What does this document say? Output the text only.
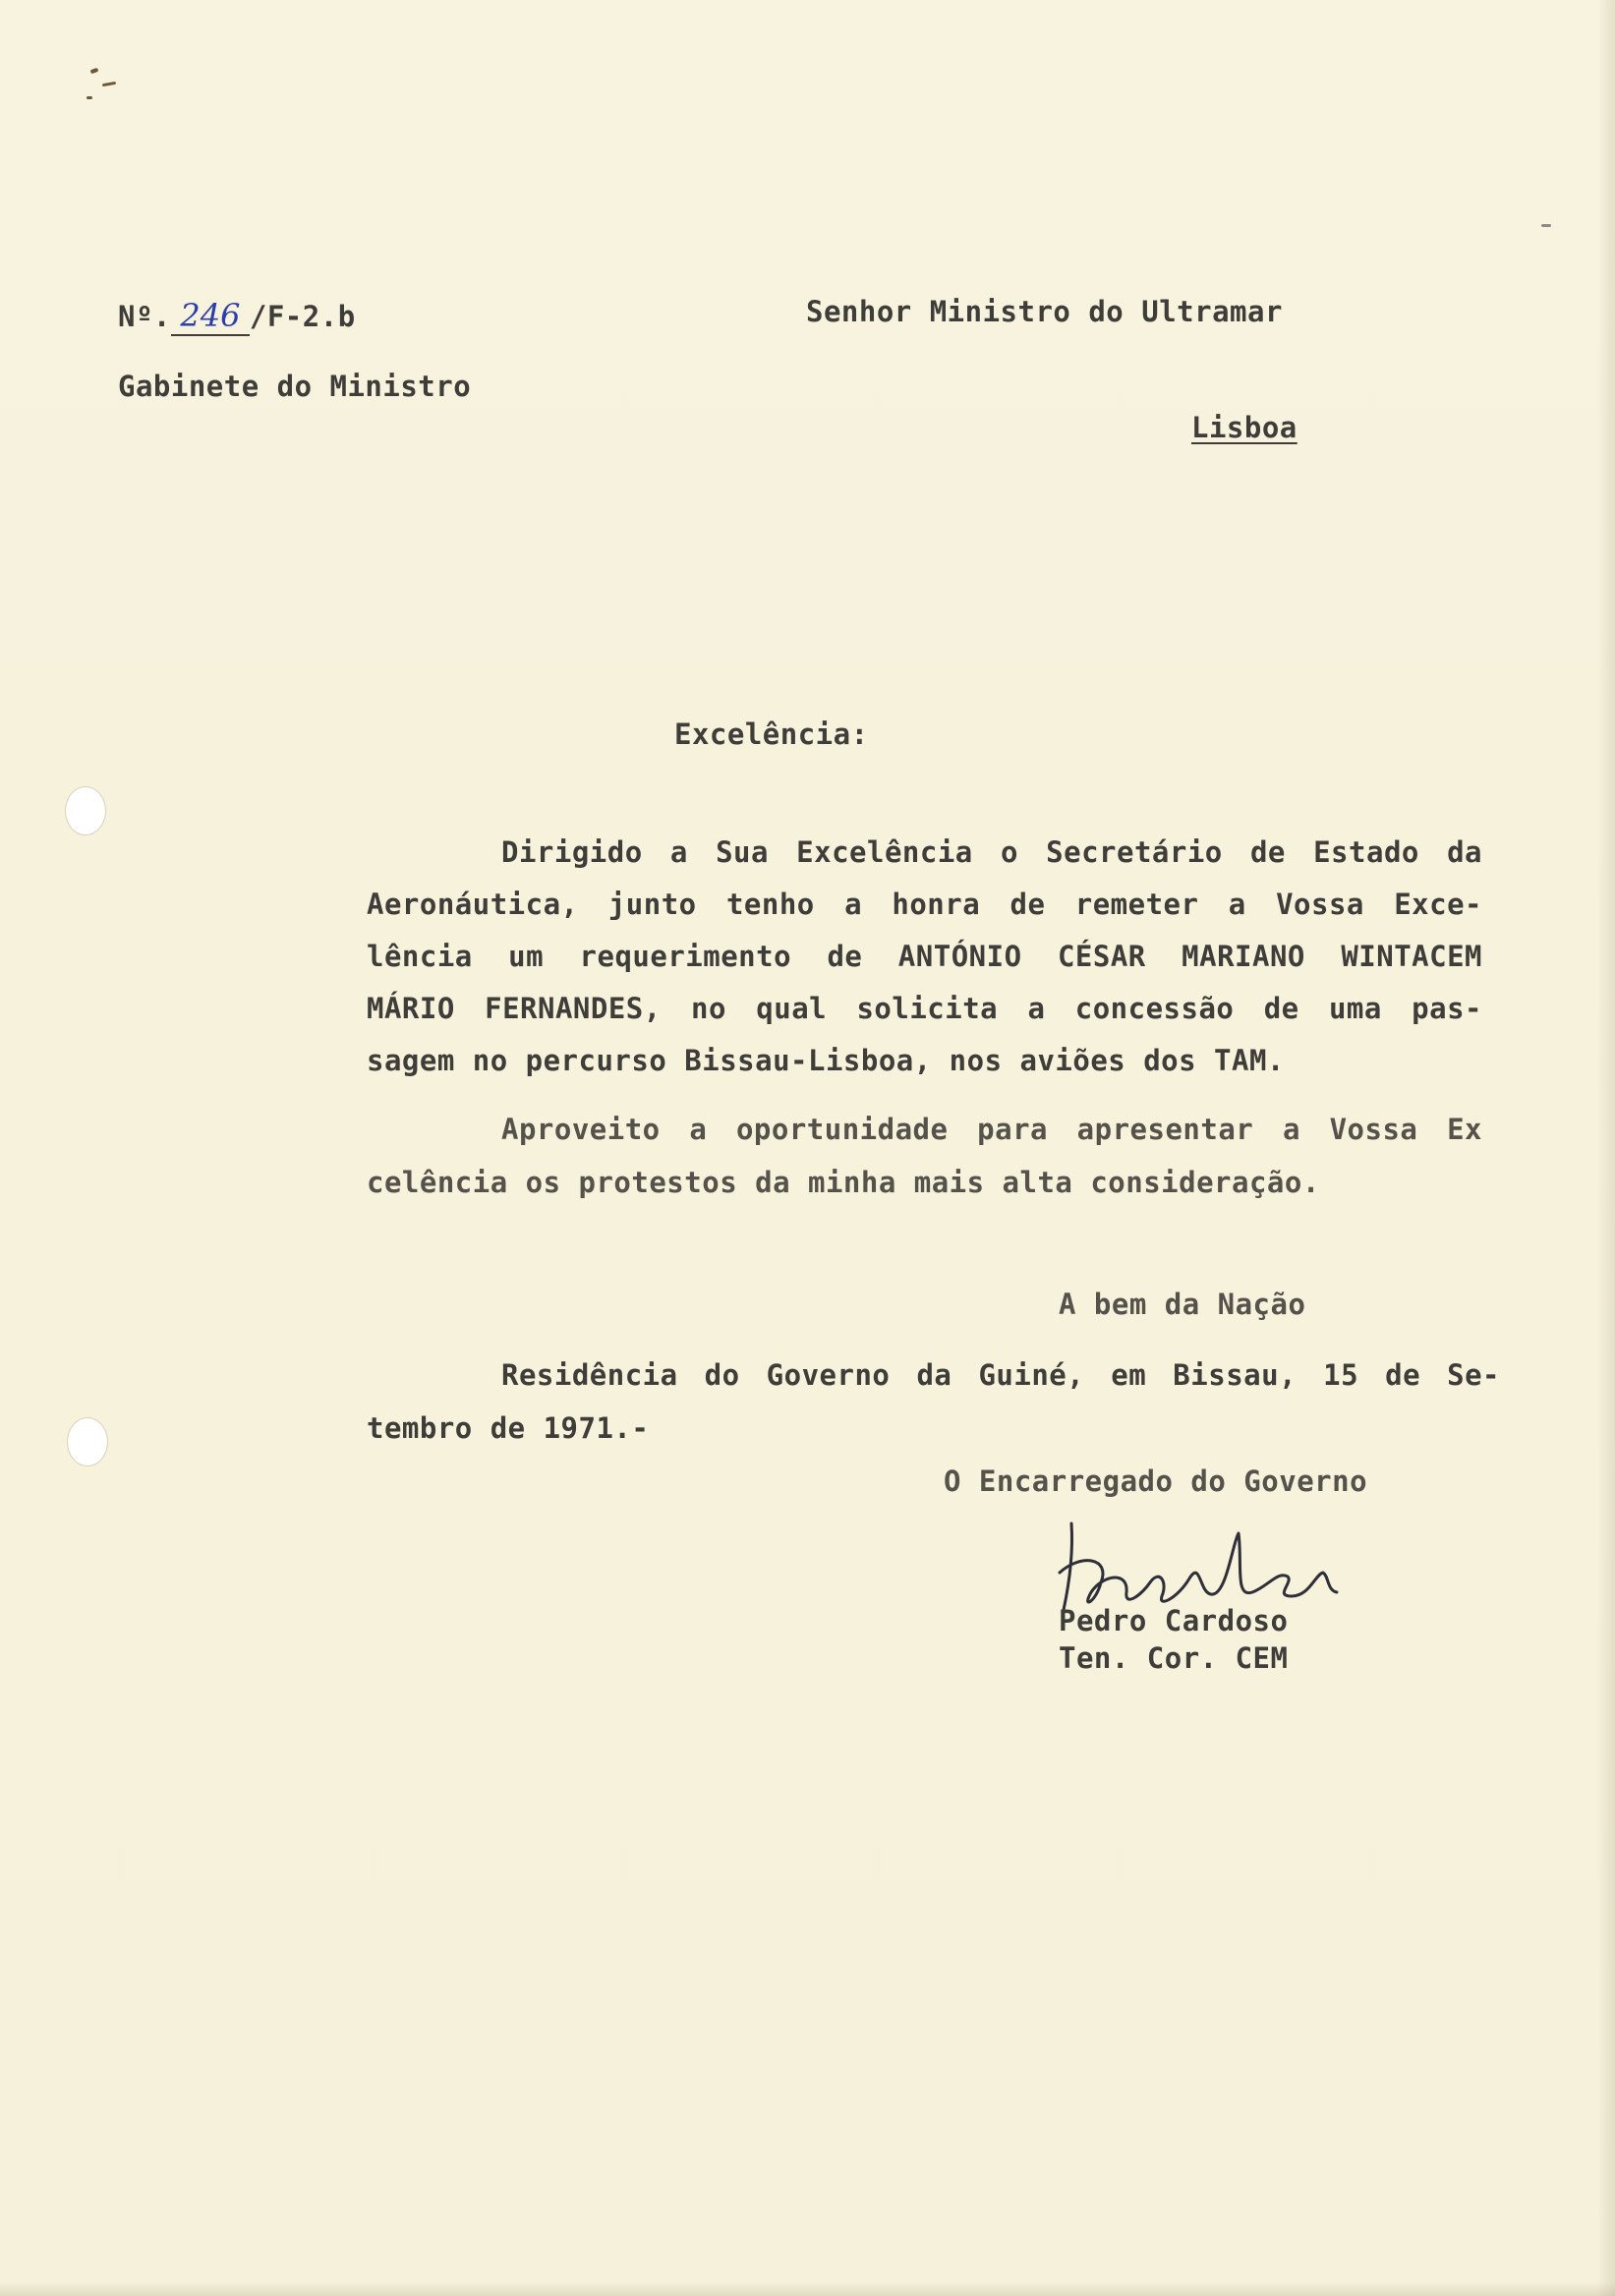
Nº. 246 /F-2.b
Gabinete do Ministro
Senhor Ministro do Ultramar
Lisboa
Excelência:
Dirigido a Sua Excelência o Secretário de Estado da
Aeronáutica, junto tenho a honra de remeter a Vossa Exce-
lência um requerimento de ANTÓNIO CÉSAR MARIANO WINTACEM
MÁRIO FERNANDES, no qual solicita a concessão de uma pas-
sagem no percurso Bissau-Lisboa, nos aviões dos TAM.
Aproveito a oportunidade para apresentar a Vossa Ex
celência os protestos da minha mais alta consideração.
A bem da Nação
Residência do Governo da Guiné, em Bissau, 15 de Se-
tembro de 1971.-
O Encarregado do Governo
Pedro Cardoso
Ten. Cor. CEM
